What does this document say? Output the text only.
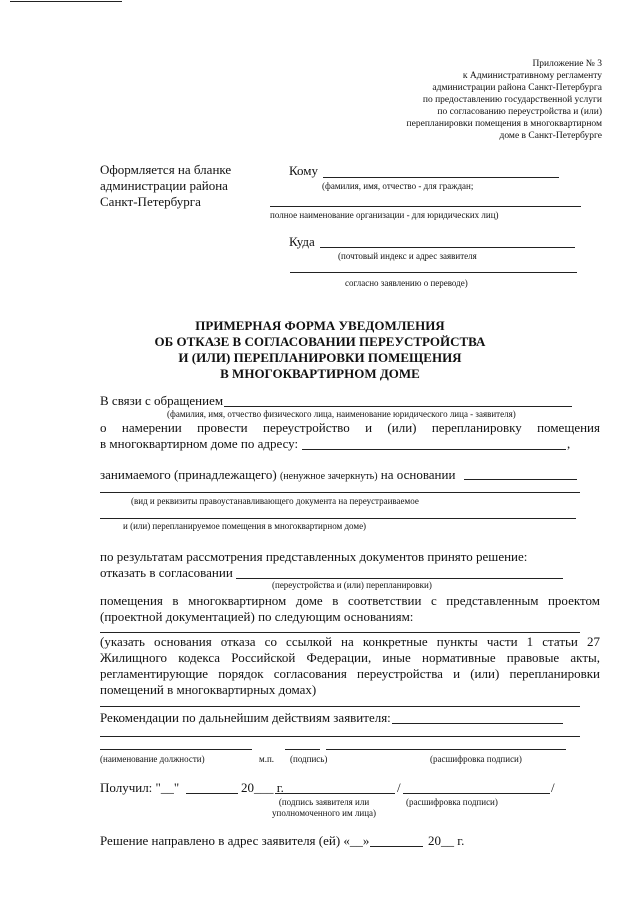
Приложение № 3
к Административному регламенту
администрации района Санкт-Петербурга
по предоставлению государственной услуги
по согласованию переустройства и (или)
перепланировки помещения в многоквартирном
доме в Санкт-Петербурге
Оформляется на бланке
администрации района
Санкт-Петербурга
Кому
(фамилия, имя, отчество - для граждан;
полное наименование организации - для юридических лиц)
Куда
(почтовый индекс и адрес заявителя
согласно заявлению о переводе)
ПРИМЕРНАЯ ФОРМА УВЕДОМЛЕНИЯ
ОБ ОТКАЗЕ В СОГЛАСОВАНИИ ПЕРЕУСТРОЙСТВА
И (ИЛИ) ПЕРЕПЛАНИРОВКИ ПОМЕЩЕНИЯ
В МНОГОКВАРТИРНОМ ДОМЕ
В связи с обращением
(фамилия, имя, отчество физического лица, наименование юридического лица - заявителя)
о намерении провести переустройство и (или) перепланировку помещения
в многоквартирном доме по адресу:	,
занимаемого (принадлежащего) (ненужное зачеркнуть) на основании
(вид и реквизиты правоустанавливающего документа на переустраиваемое
и (или) перепланируемое помещения в многоквартирном доме)
по результатам рассмотрения представленных документов принято решение:
отказать в согласовании
(переустройства и (или) перепланировки)
помещения в многоквартирном доме в соответствии с представленным проектом
(проектной документацией) по следующим основаниям:
(указать основания отказа со ссылкой на конкретные пункты части 1 статьи 27
Жилищного кодекса Российской Федерации, иные нормативные правовые акты,
регламентирующие порядок согласования переустройства и (или) перепланировки
помещений в многоквартирных домах)
Рекомендации по дальнейшим действиям заявителя:
(наименование должности)	м.п. (подпись)	(расшифровка подписи)
Получил: "__"	20___ г.	/	/
(подпись заявителя или
уполномоченного им лица)
(расшифровка подписи)
Решение направлено в адрес заявителя (ей) «__»	20__ г.
